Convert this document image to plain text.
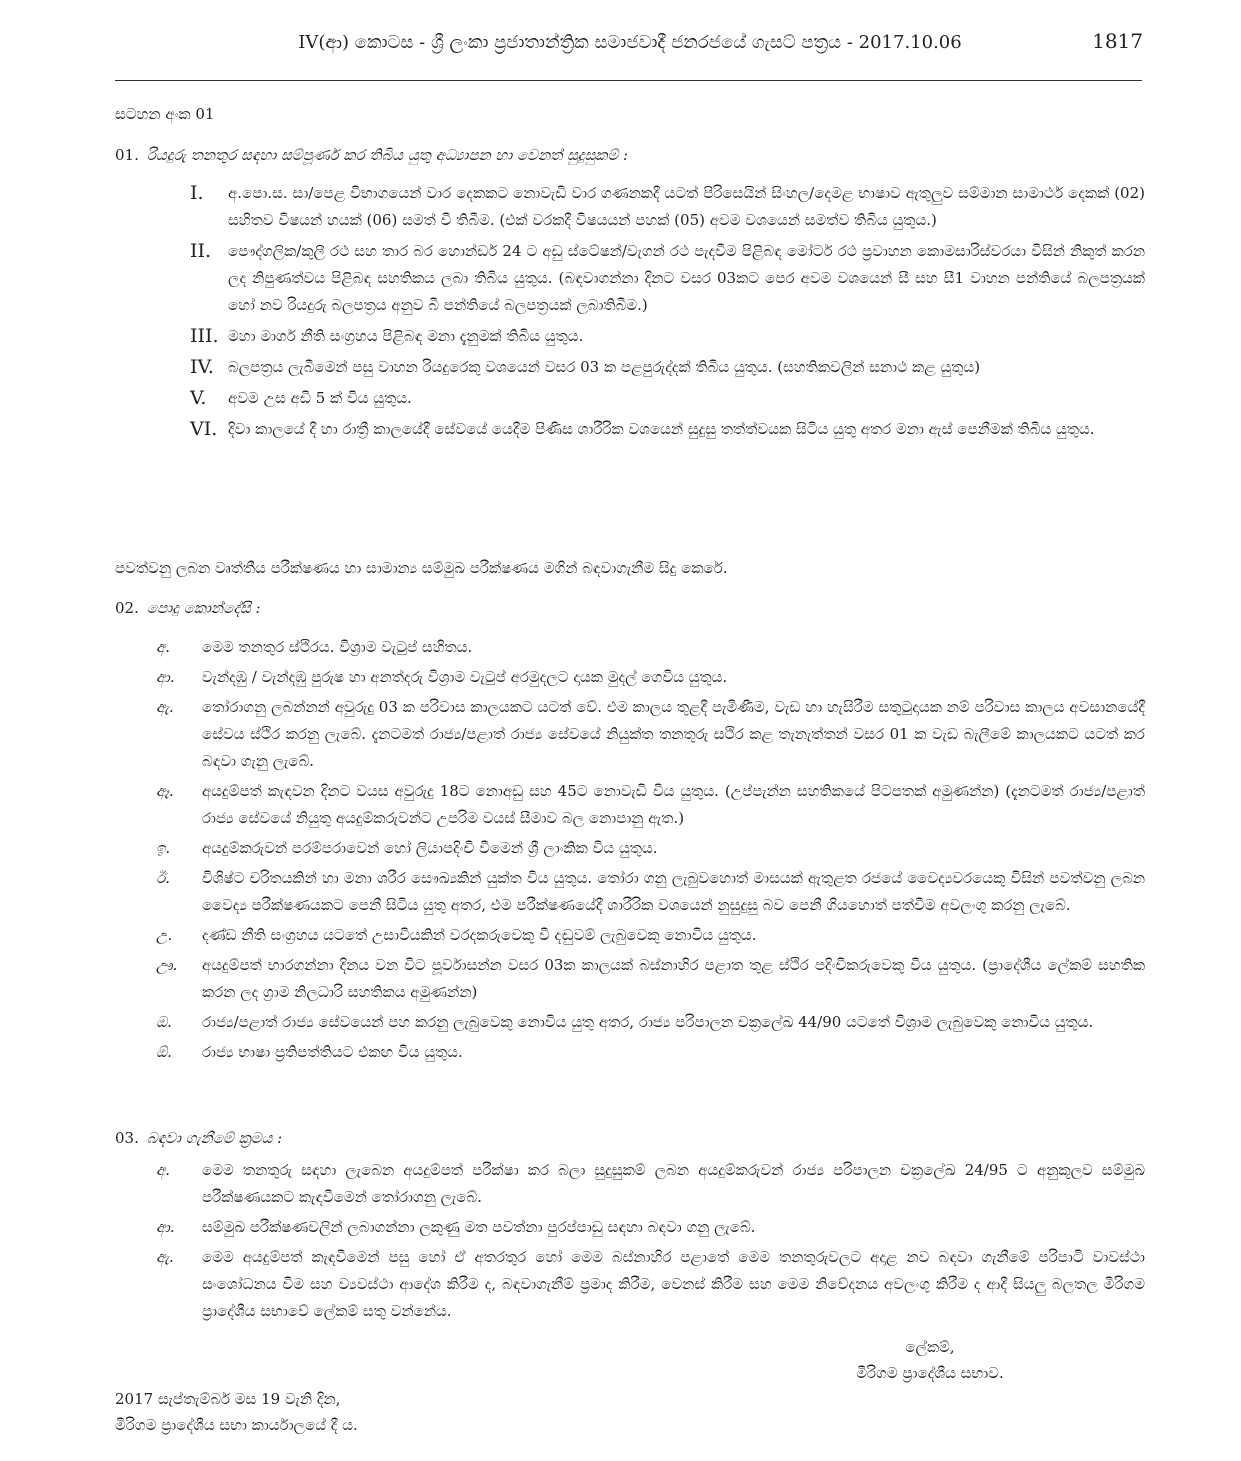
IV(ආ) කොටස - ශ්‍රී ලංකා ප්‍රජාතාන්ත්‍රික සමාජවාදී ජනරජයේ ගැසට් පත්‍රය - 2017.10.06	1817
සටහන අංක 01
01. රියදුරු තනතුර සඳහා සම්පූර්ණ කර තිබිය යුතු අධ්‍යාපන හා වෙනත් සුදුසුකම් :
I.	අ.පො.ස. සා/පෙළ විභාගයෙන් වාර දෙකකට නොවැඩි වාර ගණනකදී යටත් පිරිසෙයින් සිංහල/දෙමළ භාෂාව ඇතුලුව සම්මාන සාමාර්ථ දෙකක් (02) සහිතව විෂයන් හයක් (06) සමත් වී තිබීම. (එක් වරකදී විෂයයන් පහක් (05) අවම වශයෙන් සමත්ව තිබිය යුතුය.)
II.	පෞද්ගලික/කුලී රථ සහ තාර බර හොන්ඩර් 24 ට අඩු ස්ටේෂන්/වැගන් රථ පැදවීම පිළිබඳ මෝටර් රථ ප්‍රවාහන කොමසාරිස්වරයා විසින් නිකුත් කරන ලද නිපුණත්වය පිළිබඳ සහතිකය ලබා තිබිය යුතුය. (බඳවාගන්නා දිනට වසර 03කට පෙර අවම වශයෙන් සී සහ සී1 වාහන පන්තියේ බලපත්‍රයක් හෝ නව රියදුරු බලපත්‍රය අනුව බී පන්තියේ බලපත්‍රයක් ලබාතිබීම.)
III. මහා මාර්ග නීති සංග්‍රහය පිළිබඳ මනා දැනුමක් තිබිය යුතුය.
IV. බලපත්‍රය ලැබීමෙන් පසු වාහන රියදුරෙකු වශයෙන් වසර 03 ක පළපුරුද්දක් තිබිය යුතුය. (සහතිකවලින් සනාථ කළ යුතුය)
V.	අවම උස අඩි 5 ක් විය යුතුය.
VI. දිවා කාලයේ දී හා රාත්‍රී කාලයේදී සේවයේ යෙදීම පිණිස ශාරීරික වශයෙන් සුදුසු තත්ත්වයක සිටිය යුතු අතර මනා ඇස් පෙනීමක් තිබිය යුතුය.
පවත්වනු ලබන වෘත්තීය පරීක්ෂණය හා සාමාන්‍ය සම්මුඛ පරීක්ෂණය මගින් බඳවාගැනීම සිදු කෙරේ.
02. පොදු කොන්දේසි :
අ.	මෙම තනතුර ස්ථිරය. විශ්‍රාම වැටුප් සහිතය.
ආ.	වැන්දඹු / වැන්දඹු පුරුෂ හා අනත්දරු විශ්‍රාම වැටුප් අරමුදලට දායක මුදල් ගෙවිය යුතුය.
ඇ.	තෝරාගනු ලබන්නන් අවුරුදු 03 ක පරිවාස කාලයකට යටත් වේ. එම කාලය තුළදී පැමිණීම, වැඩ හා හැසිරීම සතුටුදායක නම් පරිවාස කාලය අවසානයේදී සේවය ස්ථිර කරනු ලැබේ. දැනටමත් රාජ්‍ය/පළාත් රාජ්‍ය සේවයේ නියුක්ත තනතුරු සථිර කළ තැනැත්තන් වසර 01 ක වැඩ බැලීමේ කාලයකට යටත් කර බඳවා ගැනු ලැබේ.
ඈ.	අයදුම්පත් කැඳවන දිනට වයස අවුරුදු 18ට නොඅඩු සහ 45ට නොවැඩි විය යුතුය. (උප්පැන්න සහතිකයේ පිටපතක් අමුණන්න) (දැනටමත් රාජ්‍ය/පළාත් රාජ්‍ය සේවයේ නියුතු අයදුම්කරුවන්ට උපරිම වයස් සීමාව බල නොපානු ඇත.)
ඉ.	අයදුම්කරුවන් පරම්පරාවෙන් හෝ ලියාපදිංචි වීමෙන් ශ්‍රී ලාංකික විය යුතුය.
ඊ.	විශිෂ්ට චරිතයකින් හා මනා ශරීර සෞඛ්‍යකින් යුක්ත විය යුතුය. තෝරා ගනු ලැබුවහොත් මාසයක් ඇතුළත රජයේ වෛද්‍යවරයෙකු විසින් පවත්වනු ලබන වෛද්‍ය පරීක්ෂණයකට පෙනී සිටිය යුතු අතර, එම පරීක්ෂණයේදී ශාරීරික වශයෙන් නුසුදුසු බව පෙනී ගියහොත් පත්වීම අවලංගු කරනු ලැබේ.
උ.	දණ්ඩ නීති සංග්‍රහය යටතේ උසාවියකින් වරදකරුවෙකු වී දඬුවම් ලැබුවෙකු නොවිය යුතුය.
ඌ.	අයදුම්පත් භාරගන්නා දිනය වන විට පූර්වාසන්න වසර 03ක කාලයක් බස්නාහිර පළාත තුළ ස්ථිර පදිංචිකරුවෙකු විය යුතුය. (ප්‍රාදේශීය ලේකම් සහතික කරන ලද ග්‍රාම නිලධාරි සහතිකය අමුණන්න)
ඔ.	රාජ්‍ය/පළාත් රාජ්‍ය සේවයෙන් පහ කරනු ලැබුවෙකු නොවිය යුතු අතර, රාජ්‍ය පරිපාලන චක්‍රලේඛ 44/90 යටතේ විශ්‍රාම ලැබුවෙකු නොවිය යුතුය.
ඕ.	රාජ්‍ය භාෂා ප්‍රතිපත්තියට එකඟ විය යුතුය.
03. බඳවා ගැනීමේ ක්‍රමය :
අ.	මෙම තනතුරු සඳහා ලැබෙන අයදුම්පත් පරීක්ෂා කර බලා සුදුසුකම් ලබන අයදුම්කරුවන් රාජ්‍ය පරිපාලන චක්‍රලේඛ 24/95 ට අනුකූලව සම්මුඛ පරීක්ෂණයකට කැඳවීමෙන් තෝරාගනු ලැබේ.
ආ.	සම්මුඛ පරීක්ෂණවලින් ලබාගන්නා ලකුණු මත පවත්නා පුරප්පාඩු සඳහා බඳවා ගනු ලැබේ.
ඇ.	මෙම අයදුම්පත් කැඳවීමෙන් පසු හෝ ඒ අතරතුර හෝ මෙම බස්නාහිර පළාතේ මෙම තනතුරුවලට අදාළ නව බඳවා ගැනීමේ පරිපාටි වාවස්ථා සංශෝධනය වීම සහ ව්‍යවස්ථා ආදේශ කිරීම ද, බඳවාගැනීම් ප්‍රමාද කිරීම, වෙනස් කිරීම සහ මෙම නිවේදනය අවලංගු කිරීම ද ආදී සියලු බලතල මීරිගම ප්‍රාදේශීය සභාවේ ලේකම් සතු වන්නේය.
ලේකම්,
මීරිගම ප්‍රාදේශීය සභාව.
2017 සැප්තැම්බර් මස 19 වැනි දින,
මීරිගම ප්‍රාදේශීය සභා කාර්යාලයේ දී ය.
